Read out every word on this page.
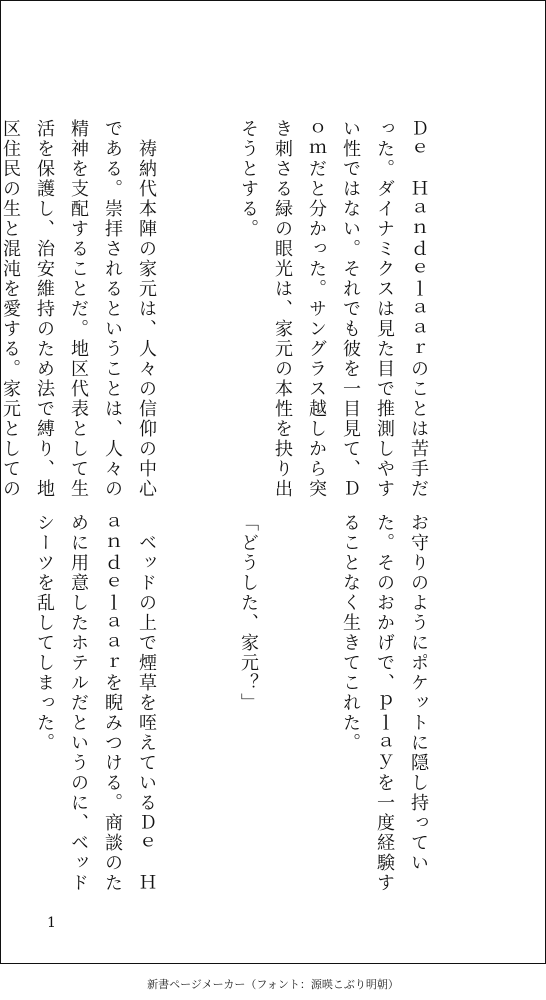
Ｄｅ　Ｈａｎｄｅｌａａｒのことは苦手だった。ダイナミクスは見た目で推測しやすい性ではない。それでも彼を一目見て、Ｄｏｍだと分かった。サングラス越しから突き刺さる緑の眼光は、家元の本性を抉り出そうとする。

　祷納代本陣の家元は、人々の信仰の中心である。崇拝されるということは、人々の精神を支配することだ。地区代表として生活を保護し、治安維持のため法で縛り、地区住民の生と混沌を愛する。家元としての

お守りのようにポケットに隠し持っていた。そのおかげで、ｐｌａｙを一度経験することなく生きてこれた。

「どうした、家元？」

　ベッドの上で煙草を咥えているＤｅ　Ｈａｎｄｅｌａａｒを睨みつける。商談のために用意したホテルだというのに、ベッドシーツを乱してしまった。

1
新書ページメーカー（フォント：源暎こぶり明朝）
